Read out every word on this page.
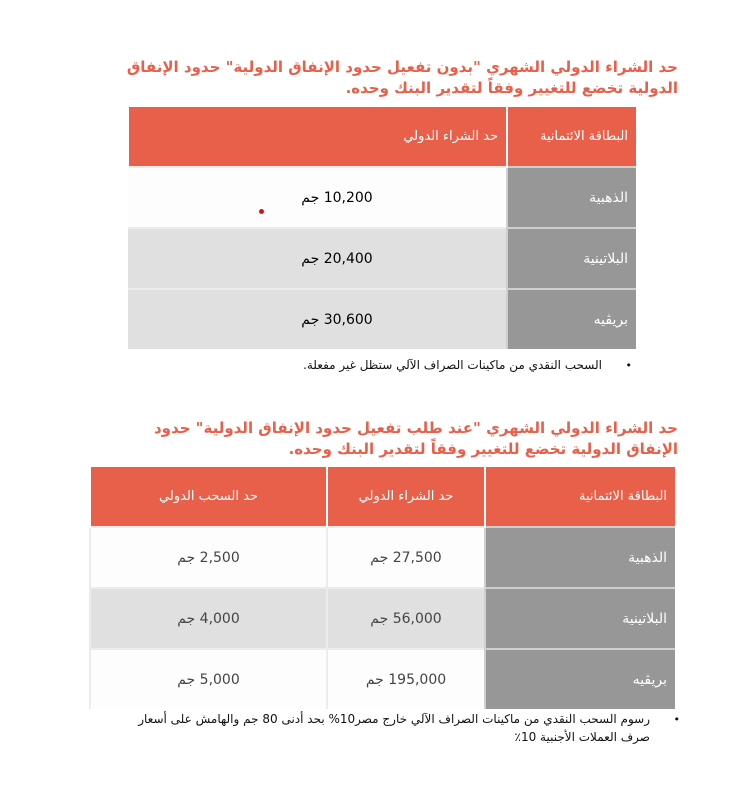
حد الشراء الدولي الشهري "بدون تفعيل حدود الإنفاق الدولية" حدود الإنفاق الدولية تخضع للتغيير وفقاً لتقدير البنك وحده.
البطاقة الائتمانية	حد الشراء الدولي
الذهبية	10,200 جم
البلاتينية	20,400 جم
بريڤيه	30,600 جم
•السحب النقدي من ماكينات الصراف الآلي ستظل غير مفعلة.
حد الشراء الدولي الشهري "عند طلب تفعيل حدود الإنفاق الدولية" حدود الإنفاق الدولية تخضع للتغيير وفقاً لتقدير البنك وحده.
البطاقة الائتمانية	حد الشراء الدولي	حد السحب الدولي
الذهبية	27,500 جم	2,500 جم
البلاتينية	56,000 جم	4,000 جم
بريڤيه	195,000 جم	5,000 جم
•رسوم السحب النقدي من ماكينات الصراف الآلي خارج مصر10% بحد أدنى 80 جم والهامش على أسعار صرف العملات الأجنبية 10٪
